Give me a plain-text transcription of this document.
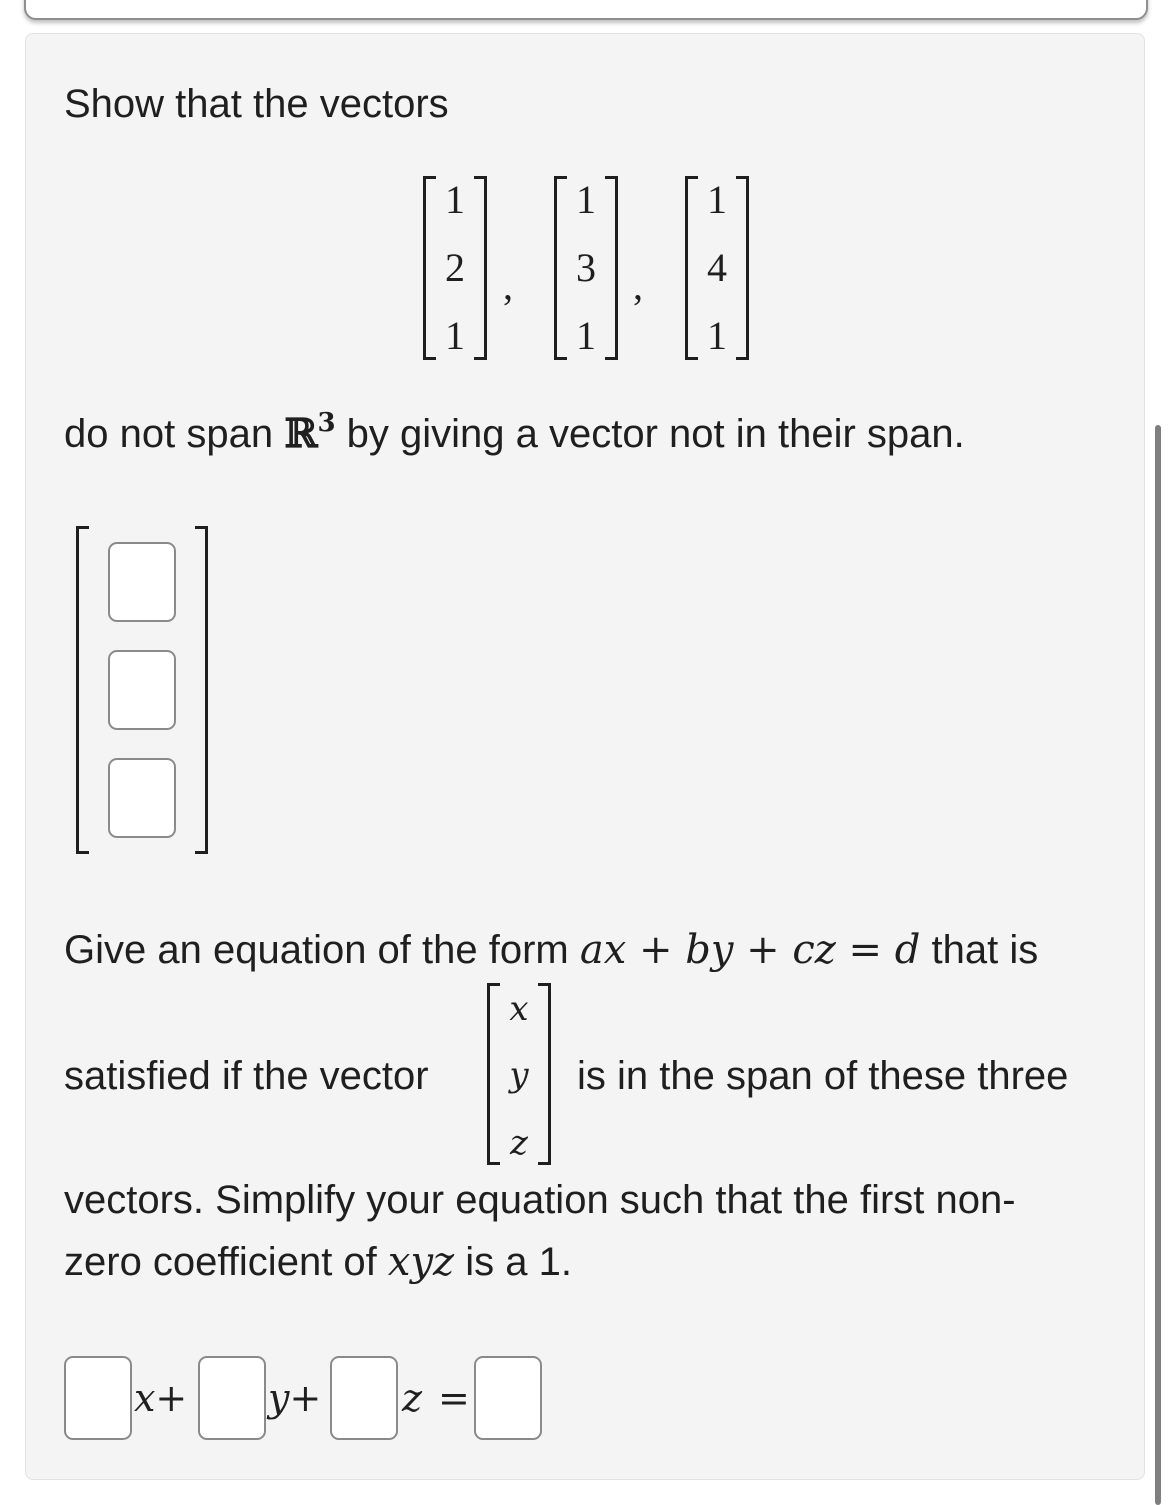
Show that the vectors
1
2
1
,
1
3
1
,
1
4
1
do not span ℝ$^3$ by giving a vector not in their span.
Give an equation of the form ax + by + cz = d that is
satisfied if the vector
x
y
z
is in the span of these three
vectors. Simplify your equation such that the first non-
zero coefficient of xyz is a 1.
x+ y+ z =
